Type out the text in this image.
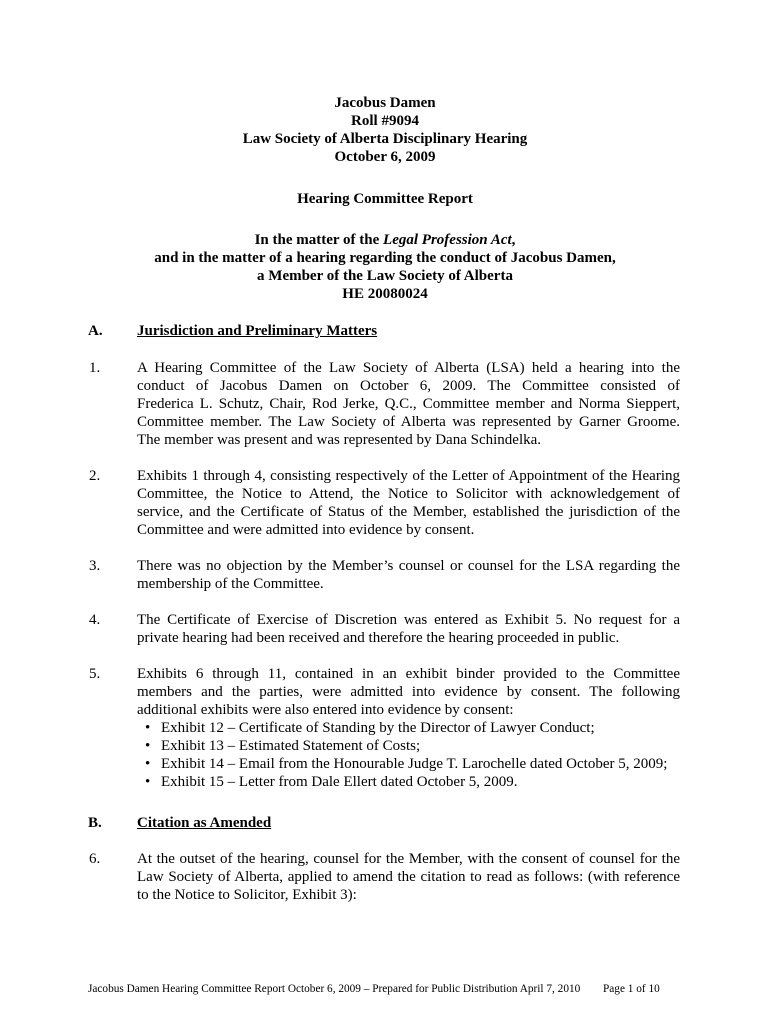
Jacobus Damen
Roll #9094
Law Society of Alberta Disciplinary Hearing
October 6, 2009
Hearing Committee Report
In the matter of the Legal Profession Act,
and in the matter of a hearing regarding the conduct of Jacobus Damen,
a Member of the Law Society of Alberta
HE 20080024
A. Jurisdiction and Preliminary Matters
1. A Hearing Committee of the Law Society of Alberta (LSA) held a hearing into the
conduct of Jacobus Damen on October 6, 2009. The Committee consisted of
Frederica L. Schutz, Chair, Rod Jerke, Q.C., Committee member and Norma Sieppert,
Committee member. The Law Society of Alberta was represented by Garner Groome.
The member was present and was represented by Dana Schindelka.
2. Exhibits 1 through 4, consisting respectively of the Letter of Appointment of the Hearing
Committee, the Notice to Attend, the Notice to Solicitor with acknowledgement of
service, and the Certificate of Status of the Member, established the jurisdiction of the
Committee and were admitted into evidence by consent.
3. There was no objection by the Member’s counsel or counsel for the LSA regarding the
membership of the Committee.
4. The Certificate of Exercise of Discretion was entered as Exhibit 5. No request for a
private hearing had been received and therefore the hearing proceeded in public.
5. Exhibits 6 through 11, contained in an exhibit binder provided to the Committee
members and the parties, were admitted into evidence by consent. The following
additional exhibits were also entered into evidence by consent:
•
Exhibit 12 – Certificate of Standing by the Director of Lawyer Conduct;
•
Exhibit 13 – Estimated Statement of Costs;
•
Exhibit 14 – Email from the Honourable Judge T. Larochelle dated October 5, 2009;
•
Exhibit 15 – Letter from Dale Ellert dated October 5, 2009.
B. Citation as Amended
6. At the outset of the hearing, counsel for the Member, with the consent of counsel for the
Law Society of Alberta, applied to amend the citation to read as follows: (with reference
to the Notice to Solicitor, Exhibit 3):
Jacobus Damen Hearing Committee Report October 6, 2009 – Prepared for Public Distribution April 7, 2010 Page 1 of 10
